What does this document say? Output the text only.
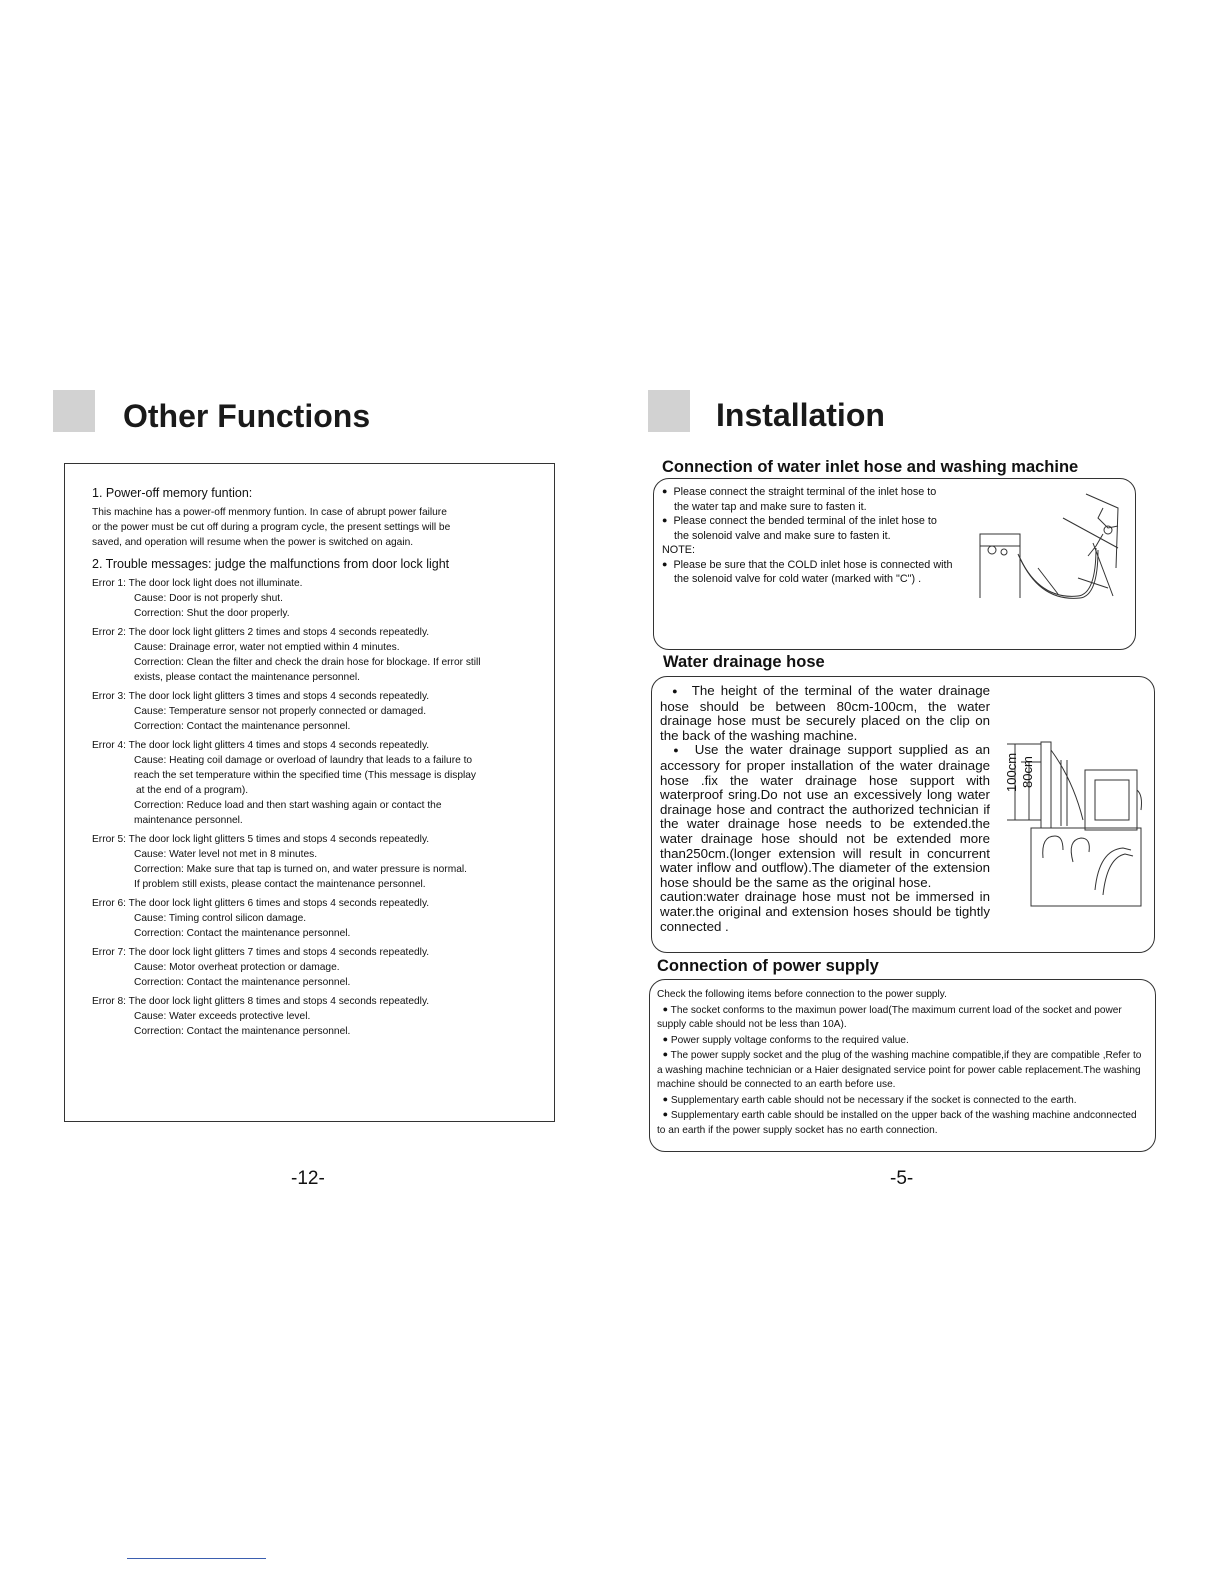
Other Functions

1. Power-off memory funtion:

This machine has a power-off menmory funtion. In case of abrupt power failure

or the power must be cut off during a program cycle, the present settings will be

saved, and operation will resume when the power is switched on again.

2. Trouble messages: judge the malfunctions from door lock light

Error 1: The door lock light does not illuminate.

Cause: Door is not properly shut.

Correction: Shut the door properly.

Error 2: The door lock light glitters 2 times and stops 4 seconds repeatedly.

Cause: Drainage error, water not emptied within 4 minutes.

Correction: Clean the filter and check the drain hose for blockage. If error still

exists, please contact the maintenance personnel.

Error 3: The door lock light glitters 3 times and stops 4 seconds repeatedly.

Cause: Temperature sensor not properly connected or damaged.

Correction: Contact the maintenance personnel.

Error 4: The door lock light glitters 4 times and stops 4 seconds repeatedly.

Cause: Heating coil damage or overload of laundry that leads to a failure to

reach the set temperature within the specified time (This message is display

at the end of a program).

Correction: Reduce load and then start washing again or contact the

maintenance personnel.

Error 5: The door lock light glitters 5 times and stops 4 seconds repeatedly.

Cause: Water level not met in 8 minutes.

Correction: Make sure that tap is turned on, and water pressure is normal.

If problem still exists, please contact the maintenance personnel.

Error 6: The door lock light glitters 6 times and stops 4 seconds repeatedly.

Cause: Timing control silicon damage.

Correction: Contact the maintenance personnel.

Error 7: The door lock light glitters 7 times and stops 4 seconds repeatedly.

Cause: Motor overheat protection or damage.

Correction: Contact the maintenance personnel.

Error 8: The door lock light glitters 8 times and stops 4 seconds repeatedly.

Cause: Water exceeds protective level.

Correction: Contact the maintenance personnel.

-12-
Installation
Connection of water inlet hose and washing machine

● Please connect the straight terminal of the inlet hose to

the water tap and make sure to fasten it.

● Please connect the bended terminal of the inlet hose to

the solenoid valve and make sure to fasten it.

NOTE:

● Please be sure that the COLD inlet hose is connected with

the solenoid valve for cold water (marked with "C") .

Water drainage hose

● The height of the terminal of the water drainage hose should be between 80cm-100cm, the water drainage hose must be securely placed on the clip on the back of the washing machine.

● Use the water drainage support supplied as an accessory for proper installation of the water drainage hose .fix the water drainage hose support with waterproof sring.Do not use an excessively long water drainage hose and contract the authorized technician if the water drainage hose needs to be extended.the water drainage hose should not be extended more than250cm.(longer extension will result in concurrent water inflow and outflow).The diameter of the extension hose should be the same as the original hose.

caution:water drainage hose must not be immersed in water.the original and extension hoses should be tightly connected .

100cm 80cm
Connection of power supply

Check the following items before connection to the power supply.

● The socket conforms to the maximun power load(The maximum current load of the socket and power supply cable should not be less than 10A).

● Power supply voltage conforms to the required value.

● The power supply socket and the plug of the washing machine compatible,if they are compatible ,Refer to a washing machine technician or a Haier designated service point for power cable replacement.The washing machine should be connected to an earth before use.

● Supplementary earth cable should not be necessary if the socket is connected to the earth.

● Supplementary earth cable should be installed on the upper back of the washing machine andconnected to an earth if the power supply socket has no earth connection.

-5-
